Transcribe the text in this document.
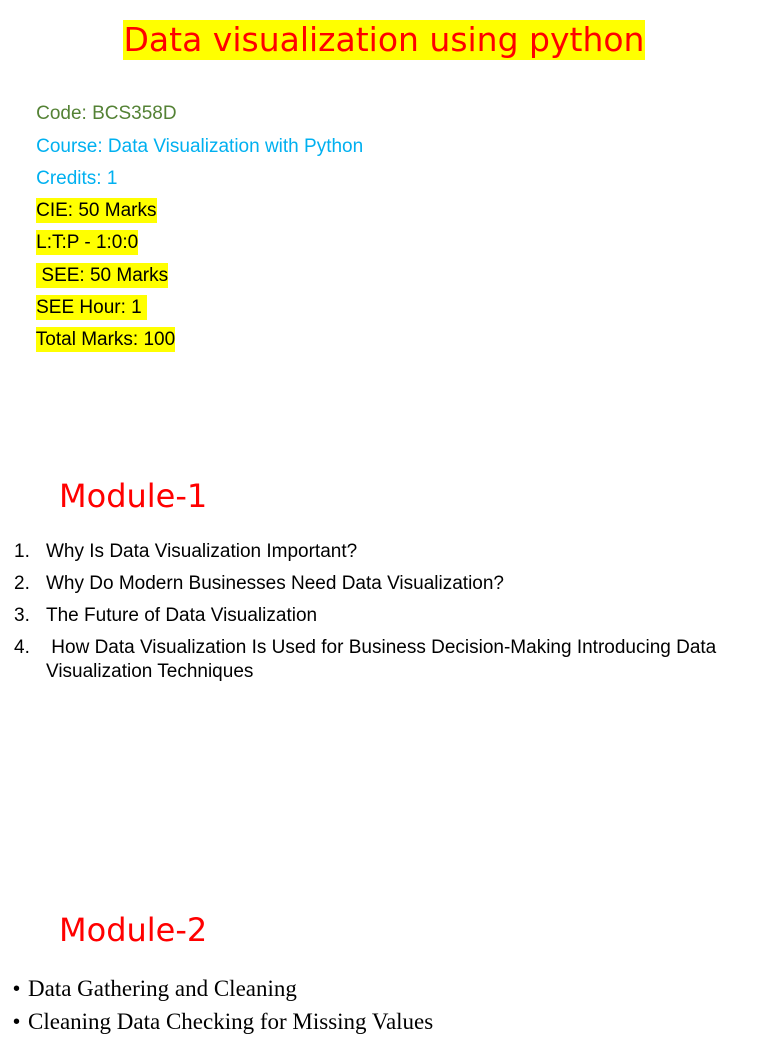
Data visualization using python

Code: BCS358D

Course: Data Visualization with Python

Credits: 1

CIE: 50 Marks

L:T:P - 1:0:0

SEE: 50 Marks

SEE Hour: 1

Total Marks: 100

Module-1
1. Why Is Data Visualization Important?
2. Why Do Modern Businesses Need Data Visualization?
3. The Future of Data Visualization
4. How Data Visualization Is Used for Business Decision-Making Introducing Data Visualization Techniques
Module-2
• Data Gathering and Cleaning
• Cleaning Data Checking for Missing Values
